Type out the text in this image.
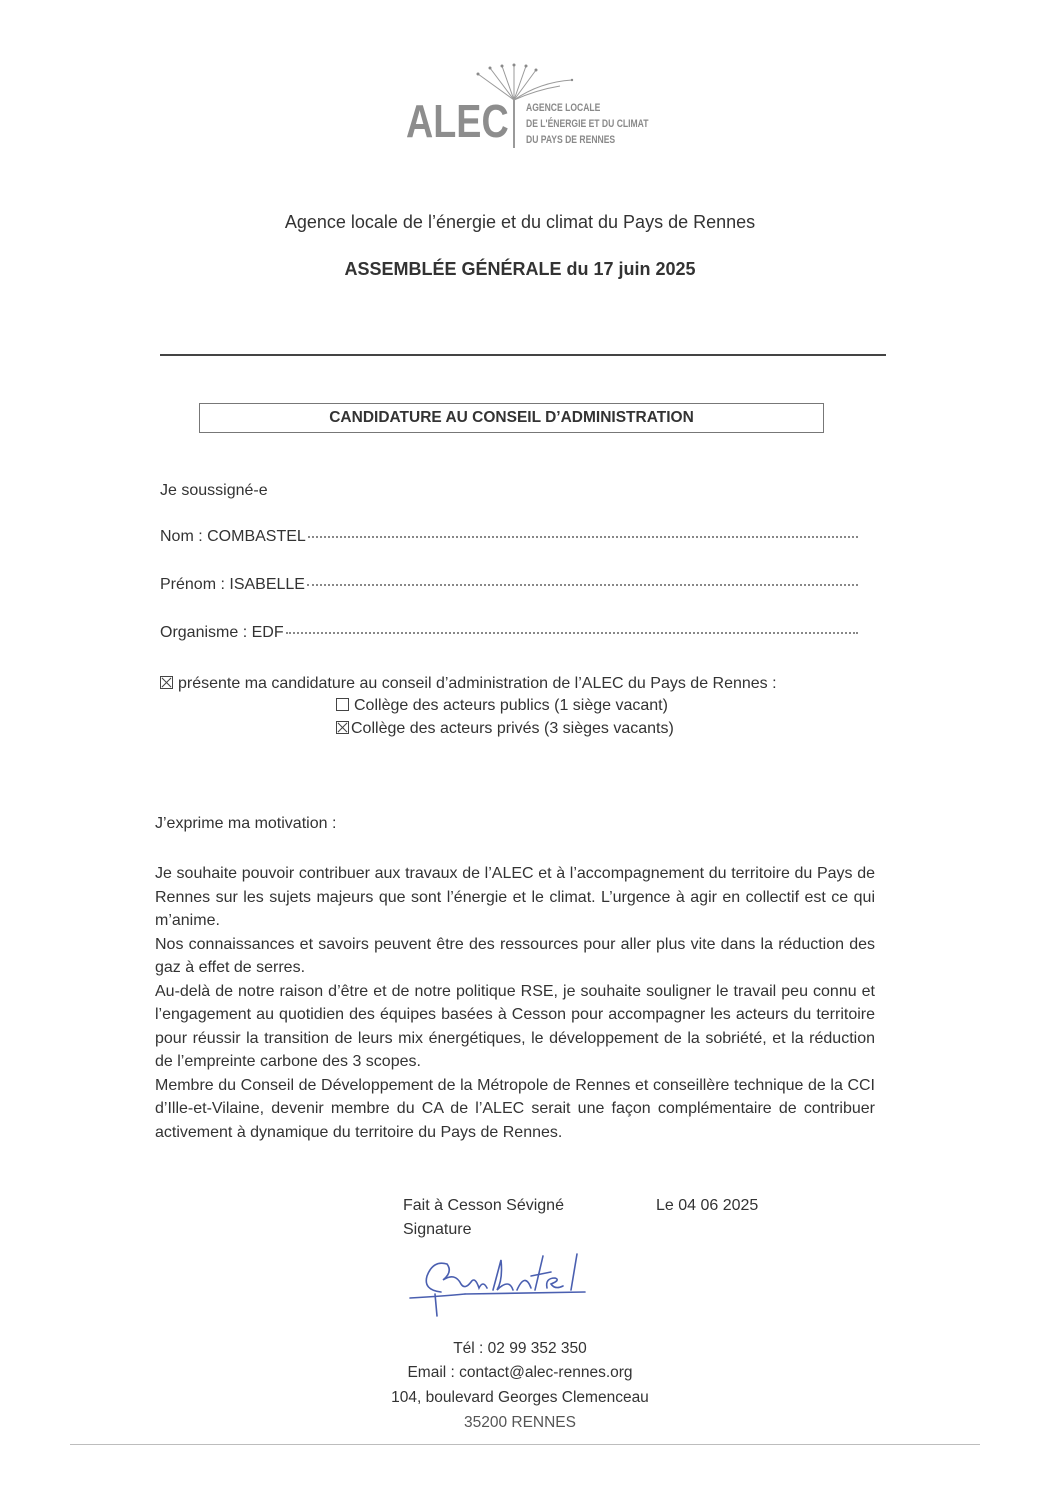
ALEC AGENCE LOCALE
DE L'ÉNERGIE ET DU CLIMAT
DU PAYS DE RENNES
Agence locale de l’énergie et du climat du Pays de Rennes
ASSEMBLÉE GÉNÉRALE du 17 juin 2025
CANDIDATURE AU CONSEIL D’ADMINISTRATION
Je soussigné-e
Nom :
COMBASTEL
Prénom :
ISABELLE
Organisme :
EDF
présente ma candidature au conseil d’administration de l’ALEC du Pays de Rennes :
Collège des acteurs publics (1 siège vacant)
Collège des acteurs privés (3 sièges vacants)
J’exprime ma motivation :

Je souhaite pouvoir contribuer aux travaux de l’ALEC et à l’accompagnement du territoire du Pays de Rennes sur les sujets majeurs que sont l’énergie et le climat. L’urgence à agir en collectif est ce qui m’anime.

Nos connaissances et savoirs peuvent être des ressources pour aller plus vite dans la réduction des gaz à effet de serres.

Au-delà de notre raison d’être et de notre politique RSE, je souhaite souligner le travail peu connu et l’engagement au quotidien des équipes basées à Cesson pour accompagner les acteurs du territoire pour réussir la transition de leurs mix énergétiques, le développement de la sobriété, et la réduction de l’empreinte carbone des 3 scopes.

Membre du Conseil de Développement de la Métropole de Rennes et conseillère technique de la CCI d’Ille-et-Vilaine, devenir membre du CA de l’ALEC serait une façon complémentaire de contribuer activement à dynamique du territoire du Pays de Rennes.

Fait à Cesson Sévigné	Le 04 06 2025
Signature
Tél : 02 99 352 350
Email : contact@alec-rennes.org
104, boulevard Georges Clemenceau
35200 RENNES
